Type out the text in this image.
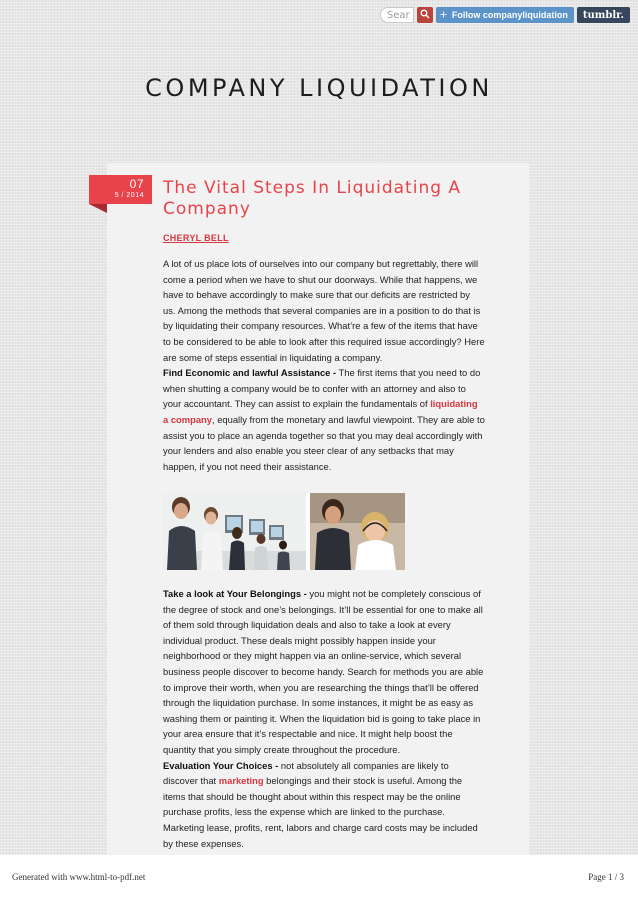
Sear	Follow companyliquidation	tumblr.
COMPANY LIQUIDATION
07
5 / 2014 The Vital Steps In Liquidating A Company
CHERYL BELL

A lot of us place lots of ourselves into our company but regrettably, there will come a period when we have to shut our doorways. While that happens, we have to behave accordingly to make sure that our deficits are restricted by us. Among the methods that several companies are in a position to do that is by liquidating their company resources. What’re a few of the items that have to be considered to be able to look after this required issue accordingly? Here are some of steps essential in liquidating a company.
Find Economic and lawful Assistance - The first items that you need to do when shutting a company would be to confer with an attorney and also to your accountant. They can assist to explain the fundamentals of liquidating a company, equally from the monetary and lawful viewpoint. They are able to assist you to place an agenda together so that you may deal accordingly with your lenders and also enable you steer clear of any setbacks that may happen, if you not need their assistance.

Take a look at Your Belongings - you might not be completely conscious of the degree of stock and one’s belongings. It’ll be essential for one to make all of them sold through liquidation deals and also to take a look at every individual product. These deals might possibly happen inside your neighborhood or they might happen via an online-service, which several business people discover to become handy. Search for methods you are able to improve their worth, when you are researching the things that’ll be offered through the liquidation purchase. In some instances, it might be as easy as washing them or painting it. When the liquidation bid is going to take place in your area ensure that it’s respectable and nice. It might help boost the quantity that you simply create throughout the procedure.
Evaluation Your Choices - not absolutely all companies are likely to discover that marketing belongings and their stock is useful. Among the items that should be thought about within this respect may be the online purchase profits, less the expense which are linked to the purchase. Marketing lease, profits, rent, labors and charge card costs may be included by these expenses.

Generated with www.html-to-pdf.net	Page 1 / 3
